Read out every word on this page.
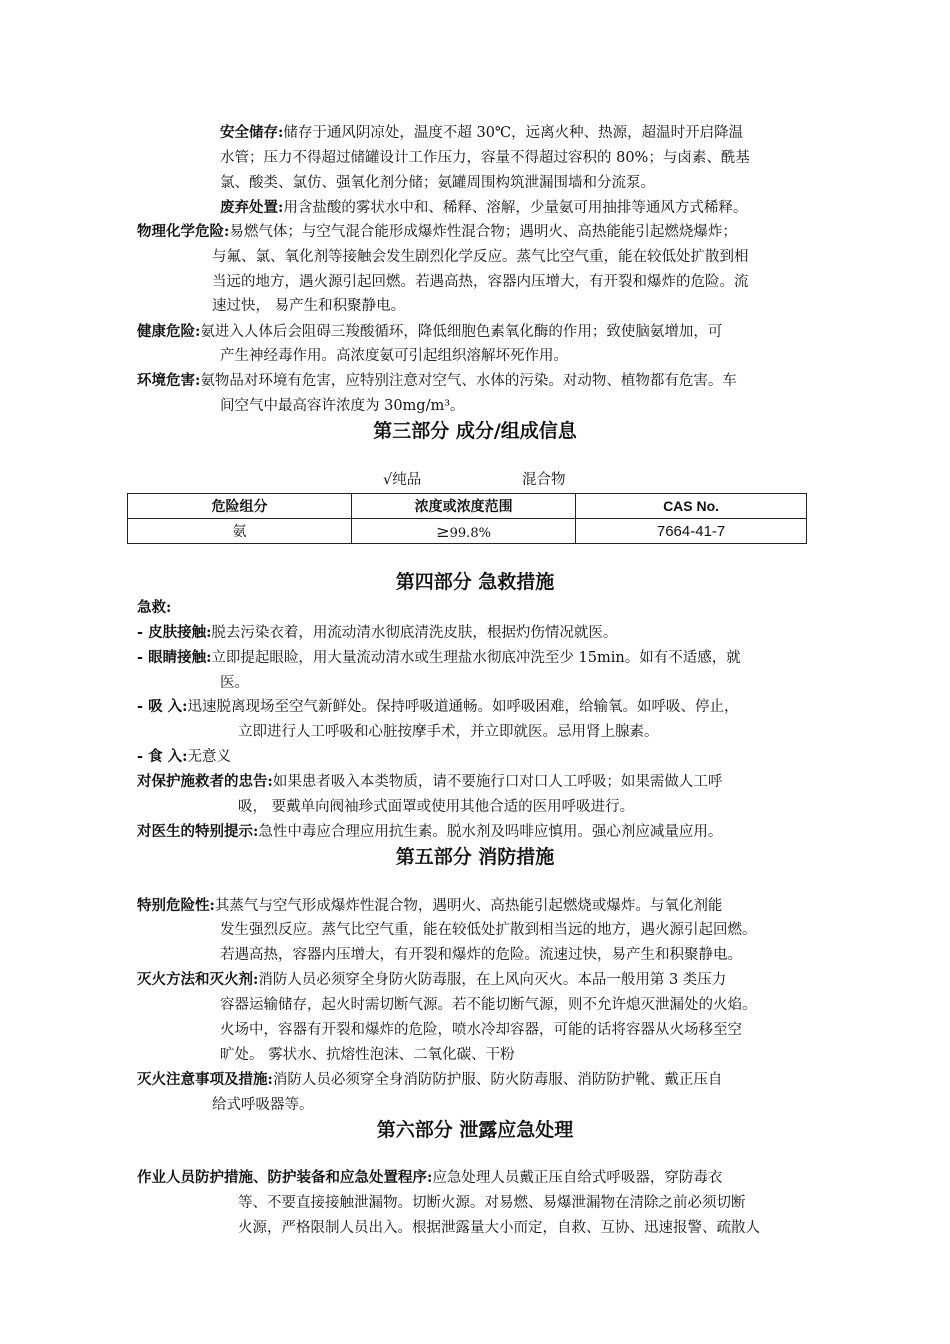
安全储存:储存于通风阴凉处，温度不超 30℃，远离火种、热源，超温时开启降温
水管；压力不得超过储罐设计工作压力，容量不得超过容积的 80%；与卤素、酰基
氯、酸类、氯仿、强氧化剂分储；氨罐周围构筑泄漏围墙和分流泵。
废弃处置:用含盐酸的雾状水中和、稀释、溶解，少量氨可用抽排等通风方式稀释。
物理化学危险:易燃气体；与空气混合能形成爆炸性混合物；遇明火、高热能能引起燃烧爆炸；
与氟、氯、氧化剂等接触会发生剧烈化学反应。蒸气比空气重，能在较低处扩散到相
当远的地方，遇火源引起回燃。若遇高热，容器内压增大，有开裂和爆炸的危险。流
速过快， 易产生和积聚静电。
健康危险:氨进入人体后会阻碍三羧酸循环，降低细胞色素氧化酶的作用；致使脑氨增加，可
产生神经毒作用。高浓度氨可引起组织溶解坏死作用。
环境危害:氨物品对环境有危害，应特别注意对空气、水体的污染。对动物、植物都有危害。车
间空气中最高容许浓度为 30mg/m³。
第三部分 成分/组成信息
√纯品	混合物
危险组分	浓度或浓度范围	CAS No.
氨	≥99.8%	7664-41-7
第四部分 急救措施
急救:
- 皮肤接触:脱去污染衣着，用流动清水彻底清洗皮肤，根据灼伤情况就医。
- 眼睛接触:立即提起眼睑，用大量流动清水或生理盐水彻底冲洗至少 15min。如有不适感，就
医。
- 吸 入:迅速脱离现场至空气新鲜处。保持呼吸道通畅。如呼吸困难，给输氧。如呼吸、停止，
立即进行人工呼吸和心脏按摩手术，并立即就医。忌用肾上腺素。
- 食 入:无意义
对保护施救者的忠告:如果患者吸入本类物质，请不要施行口对口人工呼吸；如果需做人工呼
吸， 要戴单向阀袖珍式面罩或使用其他合适的医用呼吸进行。
对医生的特别提示:急性中毒应合理应用抗生素。脱水剂及吗啡应慎用。强心剂应减量应用。
第五部分 消防措施
特别危险性:其蒸气与空气形成爆炸性混合物，遇明火、高热能引起燃烧或爆炸。与氧化剂能
发生强烈反应。蒸气比空气重，能在较低处扩散到相当远的地方，遇火源引起回燃。
若遇高热，容器内压增大，有开裂和爆炸的危险。流速过快，易产生和积聚静电。
灭火方法和灭火剂:消防人员必须穿全身防火防毒服，在上风向灭火。本品一般用第 3 类压力
容器运输储存，起火时需切断气源。若不能切断气源，则不允许熄灭泄漏处的火焰。
火场中，容器有开裂和爆炸的危险，喷水冷却容器，可能的话将容器从火场移至空
旷处。 雾状水、抗熔性泡沫、二氧化碳、干粉
灭火注意事项及措施:消防人员必须穿全身消防防护服、防火防毒服、消防防护靴、戴正压自
给式呼吸器等。
第六部分 泄露应急处理
作业人员防护措施、防护装备和应急处置程序:应急处理人员戴正压自给式呼吸器，穿防毒衣
等、不要直接接触泄漏物。切断火源。对易燃、易爆泄漏物在清除之前必须切断
火源，严格限制人员出入。根据泄露量大小而定，自救、互协、迅速报警、疏散人
